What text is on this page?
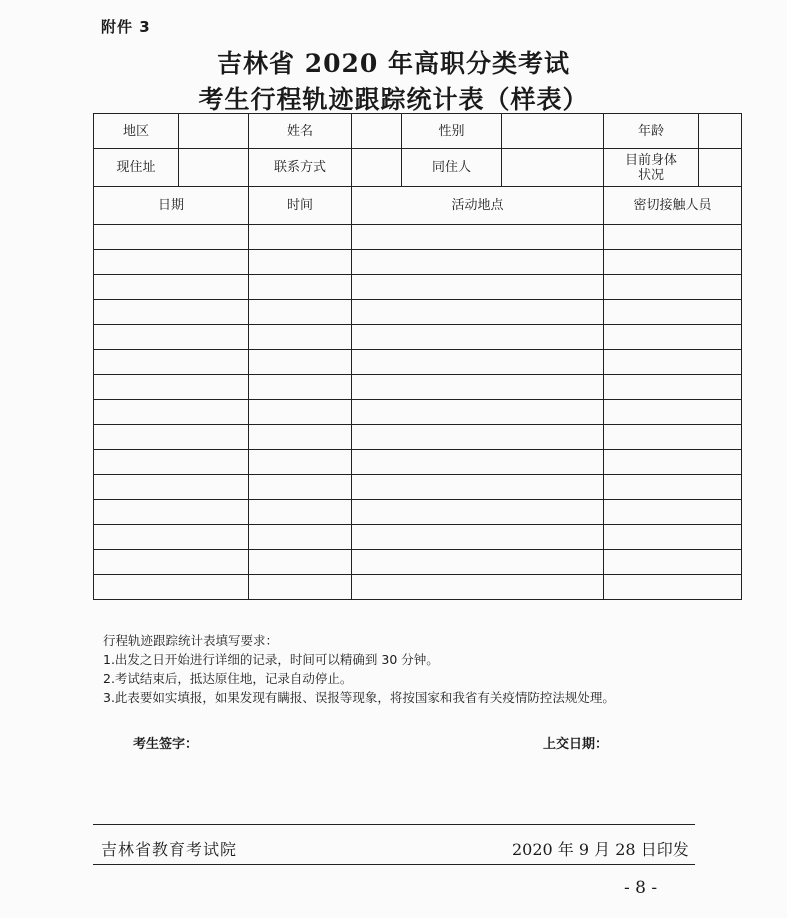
附件 3
吉林省 2020 年高职分类考试
考生行程轨迹跟踪统计表（样表）
地区		姓名		性别		年龄	
现住址		联系方式		同住人		目前身体
状况	

日期		时间	活动地点			密切接触人员	

行程轨迹跟踪统计表填写要求：
1.出发之日开始进行详细的记录，时间可以精确到 30 分钟。
2.考试结束后，抵达原住地，记录自动停止。
3.此表要如实填报，如果发现有瞒报、误报等现象，将按国家和我省有关疫情防控法规处理。
考生签字：	上交日期：
吉林省教育考试院	2020 年 9 月 28 日印发
- 8 -
